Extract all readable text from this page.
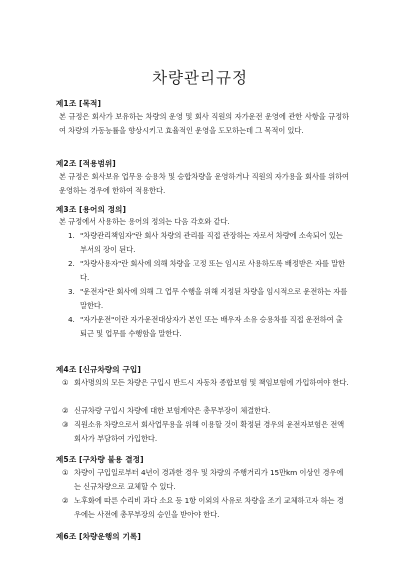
차량관리규정
제1조 [목적]

본 규정은 회사가 보유하는 차량의 운영 및 회사 직원의 자가운전 운영에 관한 사항을 규정하여 차량의 가동능률을 향상시키고 효율적인 운영을 도모하는데 그 목적이 있다.

제2조 [적용범위]

본 규정은 회사보유 업무용 승용차 및 승합차량을 운영하거나 직원의 자가용을 회사를 위하여 운영하는 경우에 한하여 적용한다.

제3조 [용어의 정의]

본 규정에서 사용하는 용어의 정의는 다음 각호와 같다.

1. "차량관리책임자"란 회사 차량의 관리를 직접 관장하는 자로서 차량에 소속되어 있는 부서의 장이 된다.
2. "차량사용자"란 회사에 의해 차량을 고정 또는 임시로 사용하도록 배정받은 자를 말한다.
3. "운전자"란 회사에 의해 그 업무 수행을 위해 지정된 차량을 임시적으로 운전하는 자를 말한다.
4. "자가운전"이란 자가운전대상자가 본인 또는 배우자 소유 승용차를 직접 운전하여 출퇴근 및 업무를 수행함을 말한다.
제4조 [신규차량의 구입]
① 회사명의의 모든 차량은 구입시 반드시 자동차 종합보험 및 책임보험에 가입하여야 한다.
② 신규차량 구입시 차량에 대한 보험계약은 총무부장이 체결한다.
③ 직원소유 차량으로서 회사업무용을 위해 이용할 것이 확정된 경우의 운전자보험은 전액 회사가 부담하여 가입한다.
제5조 [구차량 불용 결정]
① 차량이 구입일로부터 4년이 경과한 경우 및 차량의 주행거리가 15만km 이상인 경우에는 신규차량으로 교체할 수 있다.
② 노후화에 따른 수리비 과다 소요 등 1항 이외의 사유로 차량을 조기 교체하고자 하는 경우에는 사전에 총무부장의 승인을 받아야 한다.
제6조 [차량운행의 기록]
